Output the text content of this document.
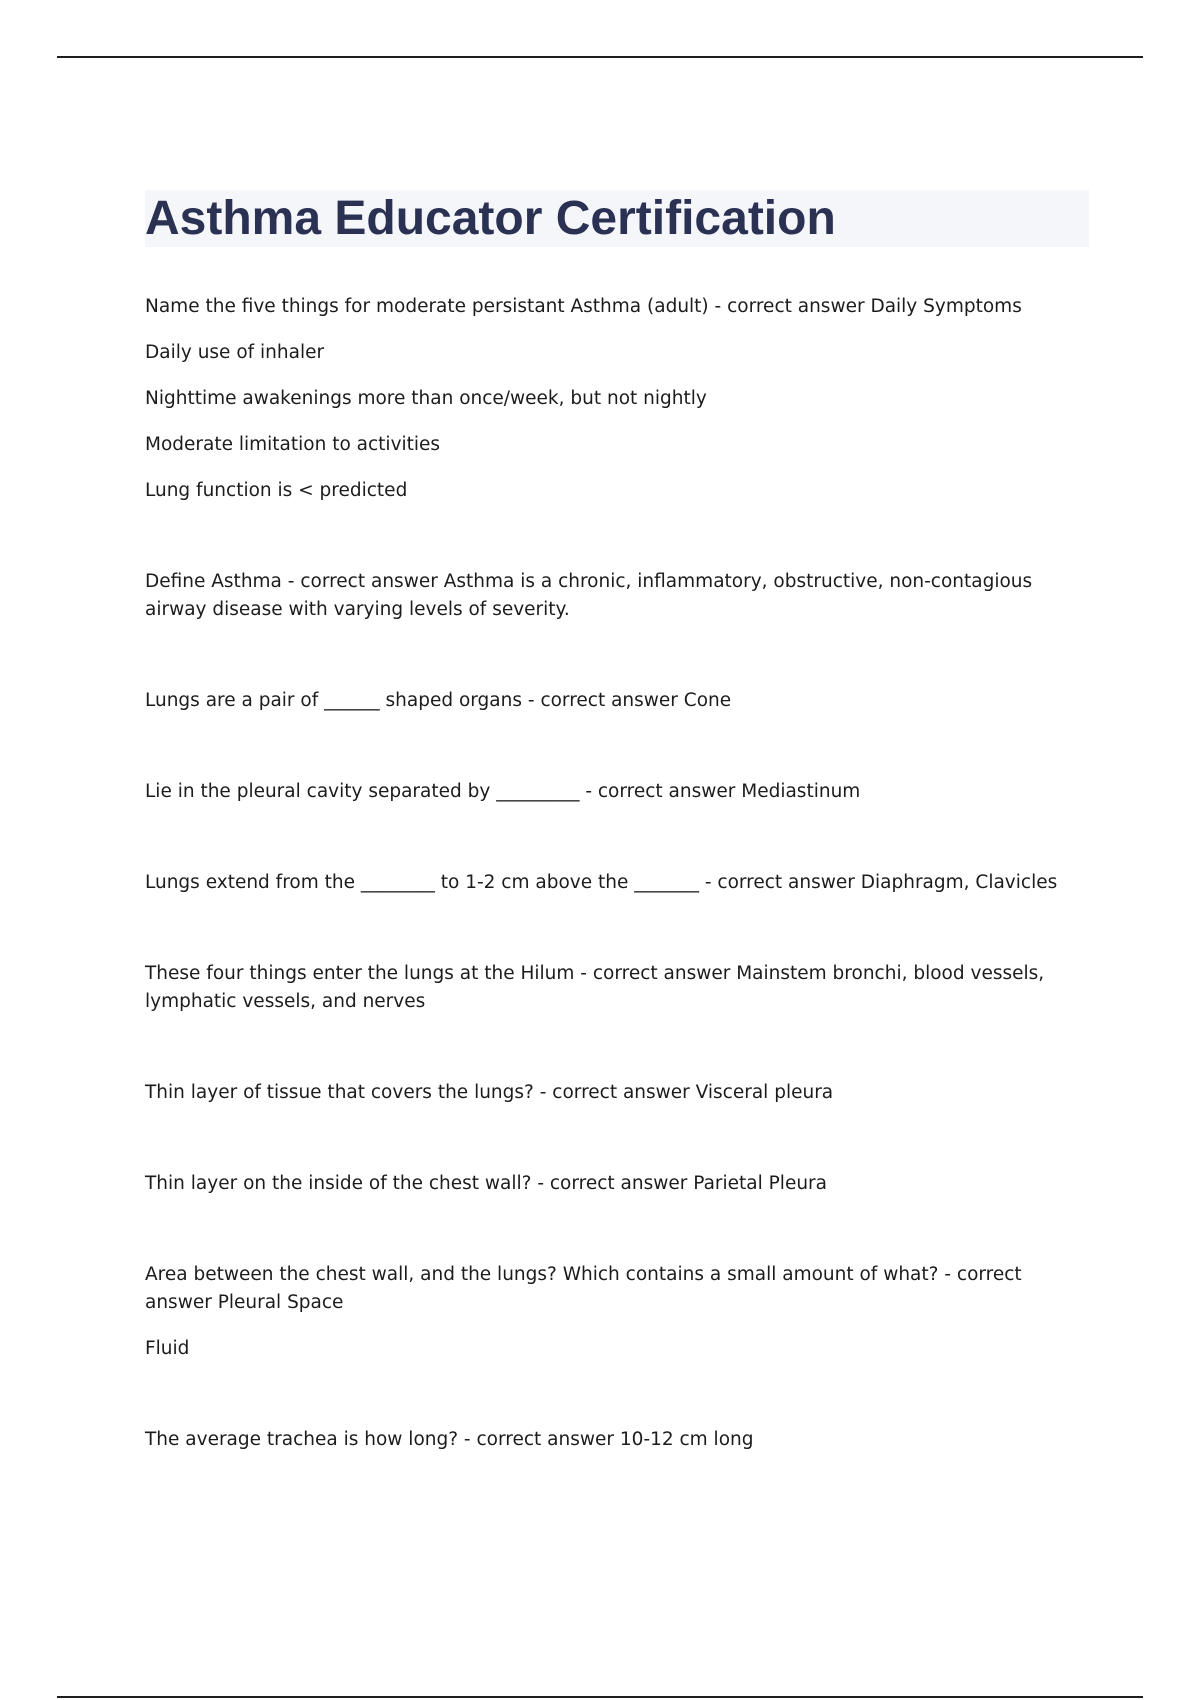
Asthma Educator Certification

Name the five things for moderate persistant Asthma (adult) - correct answer Daily Symptoms

Daily use of inhaler

Nighttime awakenings more than once/week, but not nightly

Moderate limitation to activities

Lung function is < predicted

Define Asthma - correct answer Asthma is a chronic, inflammatory, obstructive, non-contagious airway disease with varying levels of severity.

Lungs are a pair of ______ shaped organs - correct answer Cone

Lie in the pleural cavity separated by _________ - correct answer Mediastinum

Lungs extend from the ________ to 1-2 cm above the _______ - correct answer Diaphragm, Clavicles

These four things enter the lungs at the Hilum - correct answer Mainstem bronchi, blood vessels, lymphatic vessels, and nerves

Thin layer of tissue that covers the lungs? - correct answer Visceral pleura

Thin layer on the inside of the chest wall? - correct answer Parietal Pleura

Area between the chest wall, and the lungs? Which contains a small amount of what? - correct answer Pleural Space

Fluid

The average trachea is how long? - correct answer 10-12 cm long
